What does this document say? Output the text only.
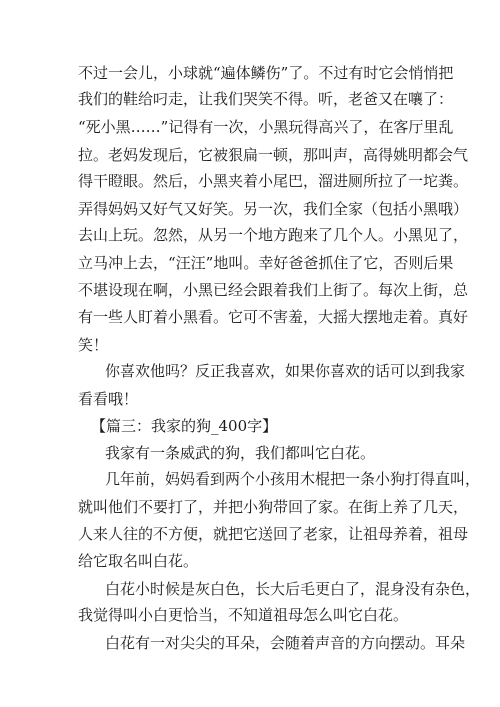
不过一会儿，小球就“遍体鳞伤”了。不过有时它会悄悄把
我们的鞋给叼走，让我们哭笑不得。听，老爸又在嚷了：
“死小黑……”记得有一次，小黑玩得高兴了，在客厅里乱
拉。老妈发现后，它被狠扁一顿，那叫声，高得姚明都会气
得干瞪眼。然后，小黑夹着小尾巴，溜进厕所拉了一坨粪。
弄得妈妈又好气又好笑。另一次，我们全家（包括小黑哦）
去山上玩。忽然，从另一个地方跑来了几个人。小黑见了，
立马冲上去，“汪汪”地叫。幸好爸爸抓住了它，否则后果
不堪设现在啊，小黑已经会跟着我们上街了。每次上街，总
有一些人盯着小黑看。它可不害羞，大摇大摆地走着。真好
笑！
你喜欢他吗？反正我喜欢，如果你喜欢的话可以到我家
看看哦！
【篇三：我家的狗_400字】
我家有一条威武的狗，我们都叫它白花。
几年前，妈妈看到两个小孩用木棍把一条小狗打得直叫，
就叫他们不要打了，并把小狗带回了家。在街上养了几天，
人来人往的不方便，就把它送回了老家，让祖母养着，祖母
给它取名叫白花。
白花小时候是灰白色，长大后毛更白了，混身没有杂色，
我觉得叫小白更恰当，不知道祖母怎么叫它白花。
白花有一对尖尖的耳朵，会随着声音的方向摆动。耳朵
